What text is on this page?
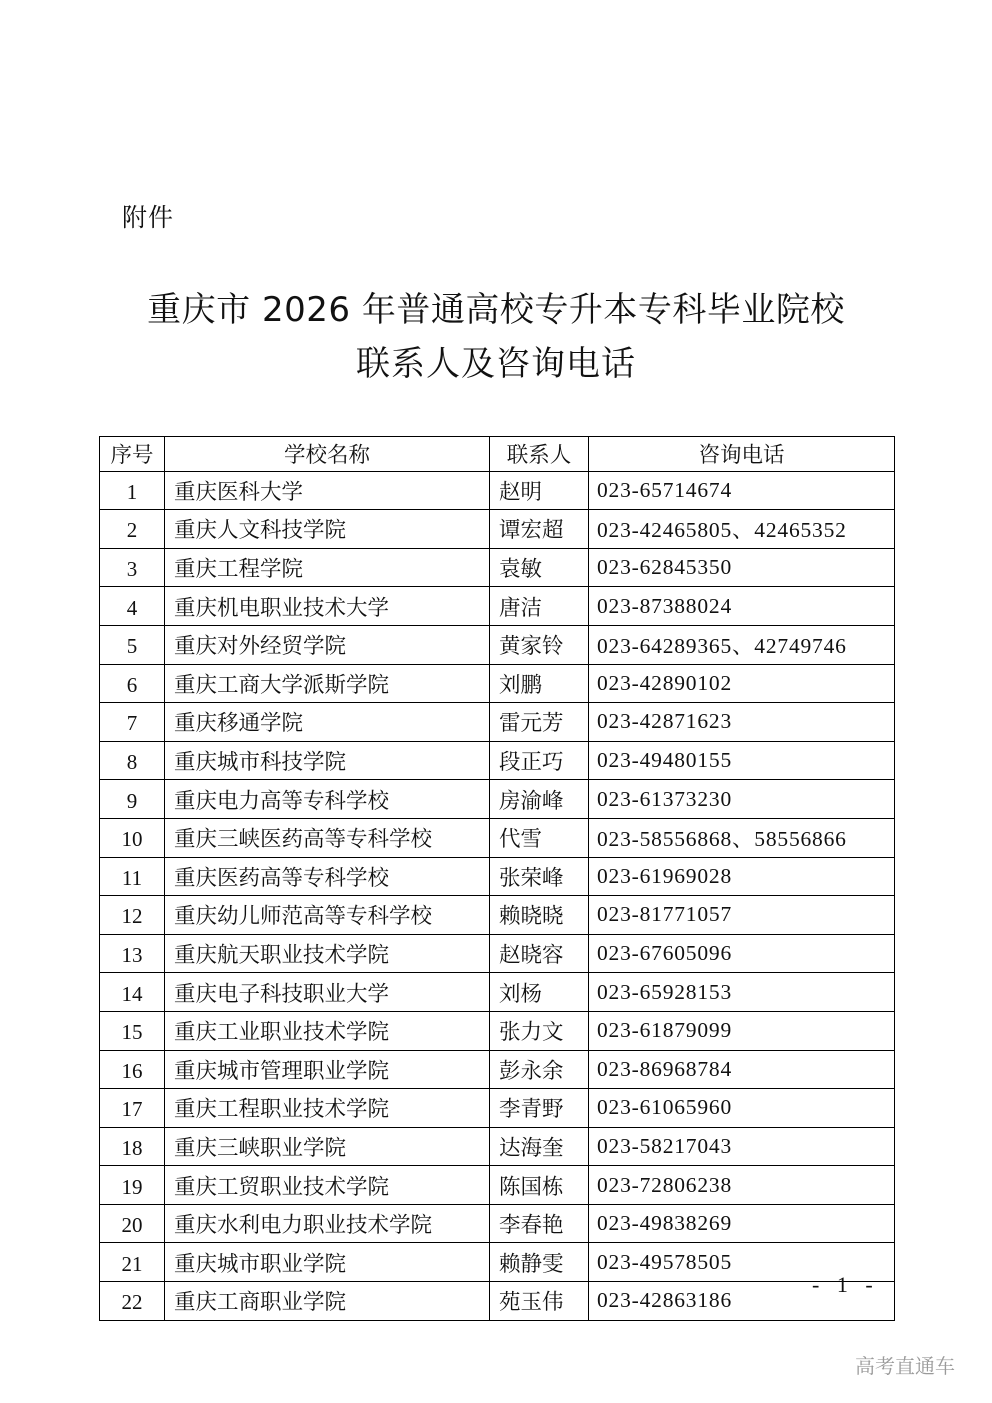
附件
重庆市 2026 年普通高校专升本专科毕业院校
联系人及咨询电话
序号	学校名称	联系人	咨询电话
1	重庆医科大学	赵明	023-65714674
2	重庆人文科技学院	谭宏超	023-42465805、42465352
3	重庆工程学院	袁敏	023-62845350
4	重庆机电职业技术大学	唐洁	023-87388024
5	重庆对外经贸学院	黄家铃	023-64289365、42749746
6	重庆工商大学派斯学院	刘鹏	023-42890102
7	重庆移通学院	雷元芳	023-42871623
8	重庆城市科技学院	段正巧	023-49480155
9	重庆电力高等专科学校	房渝峰	023-61373230
10	重庆三峡医药高等专科学校	代雪	023-58556868、58556866
11	重庆医药高等专科学校	张荣峰	023-61969028
12	重庆幼儿师范高等专科学校	赖晓晓	023-81771057
13	重庆航天职业技术学院	赵晓容	023-67605096
14	重庆电子科技职业大学	刘杨	023-65928153
15	重庆工业职业技术学院	张力文	023-61879099
16	重庆城市管理职业学院	彭永余	023-86968784
17	重庆工程职业技术学院	李青野	023-61065960
18	重庆三峡职业学院	达海奎	023-58217043
19	重庆工贸职业技术学院	陈国栋	023-72806238
20	重庆水利电力职业技术学院	李春艳	023-49838269
21	重庆城市职业学院	赖静雯	023-49578505
22	重庆工商职业学院	苑玉伟	023-42863186
- 1 -
高考直通车
